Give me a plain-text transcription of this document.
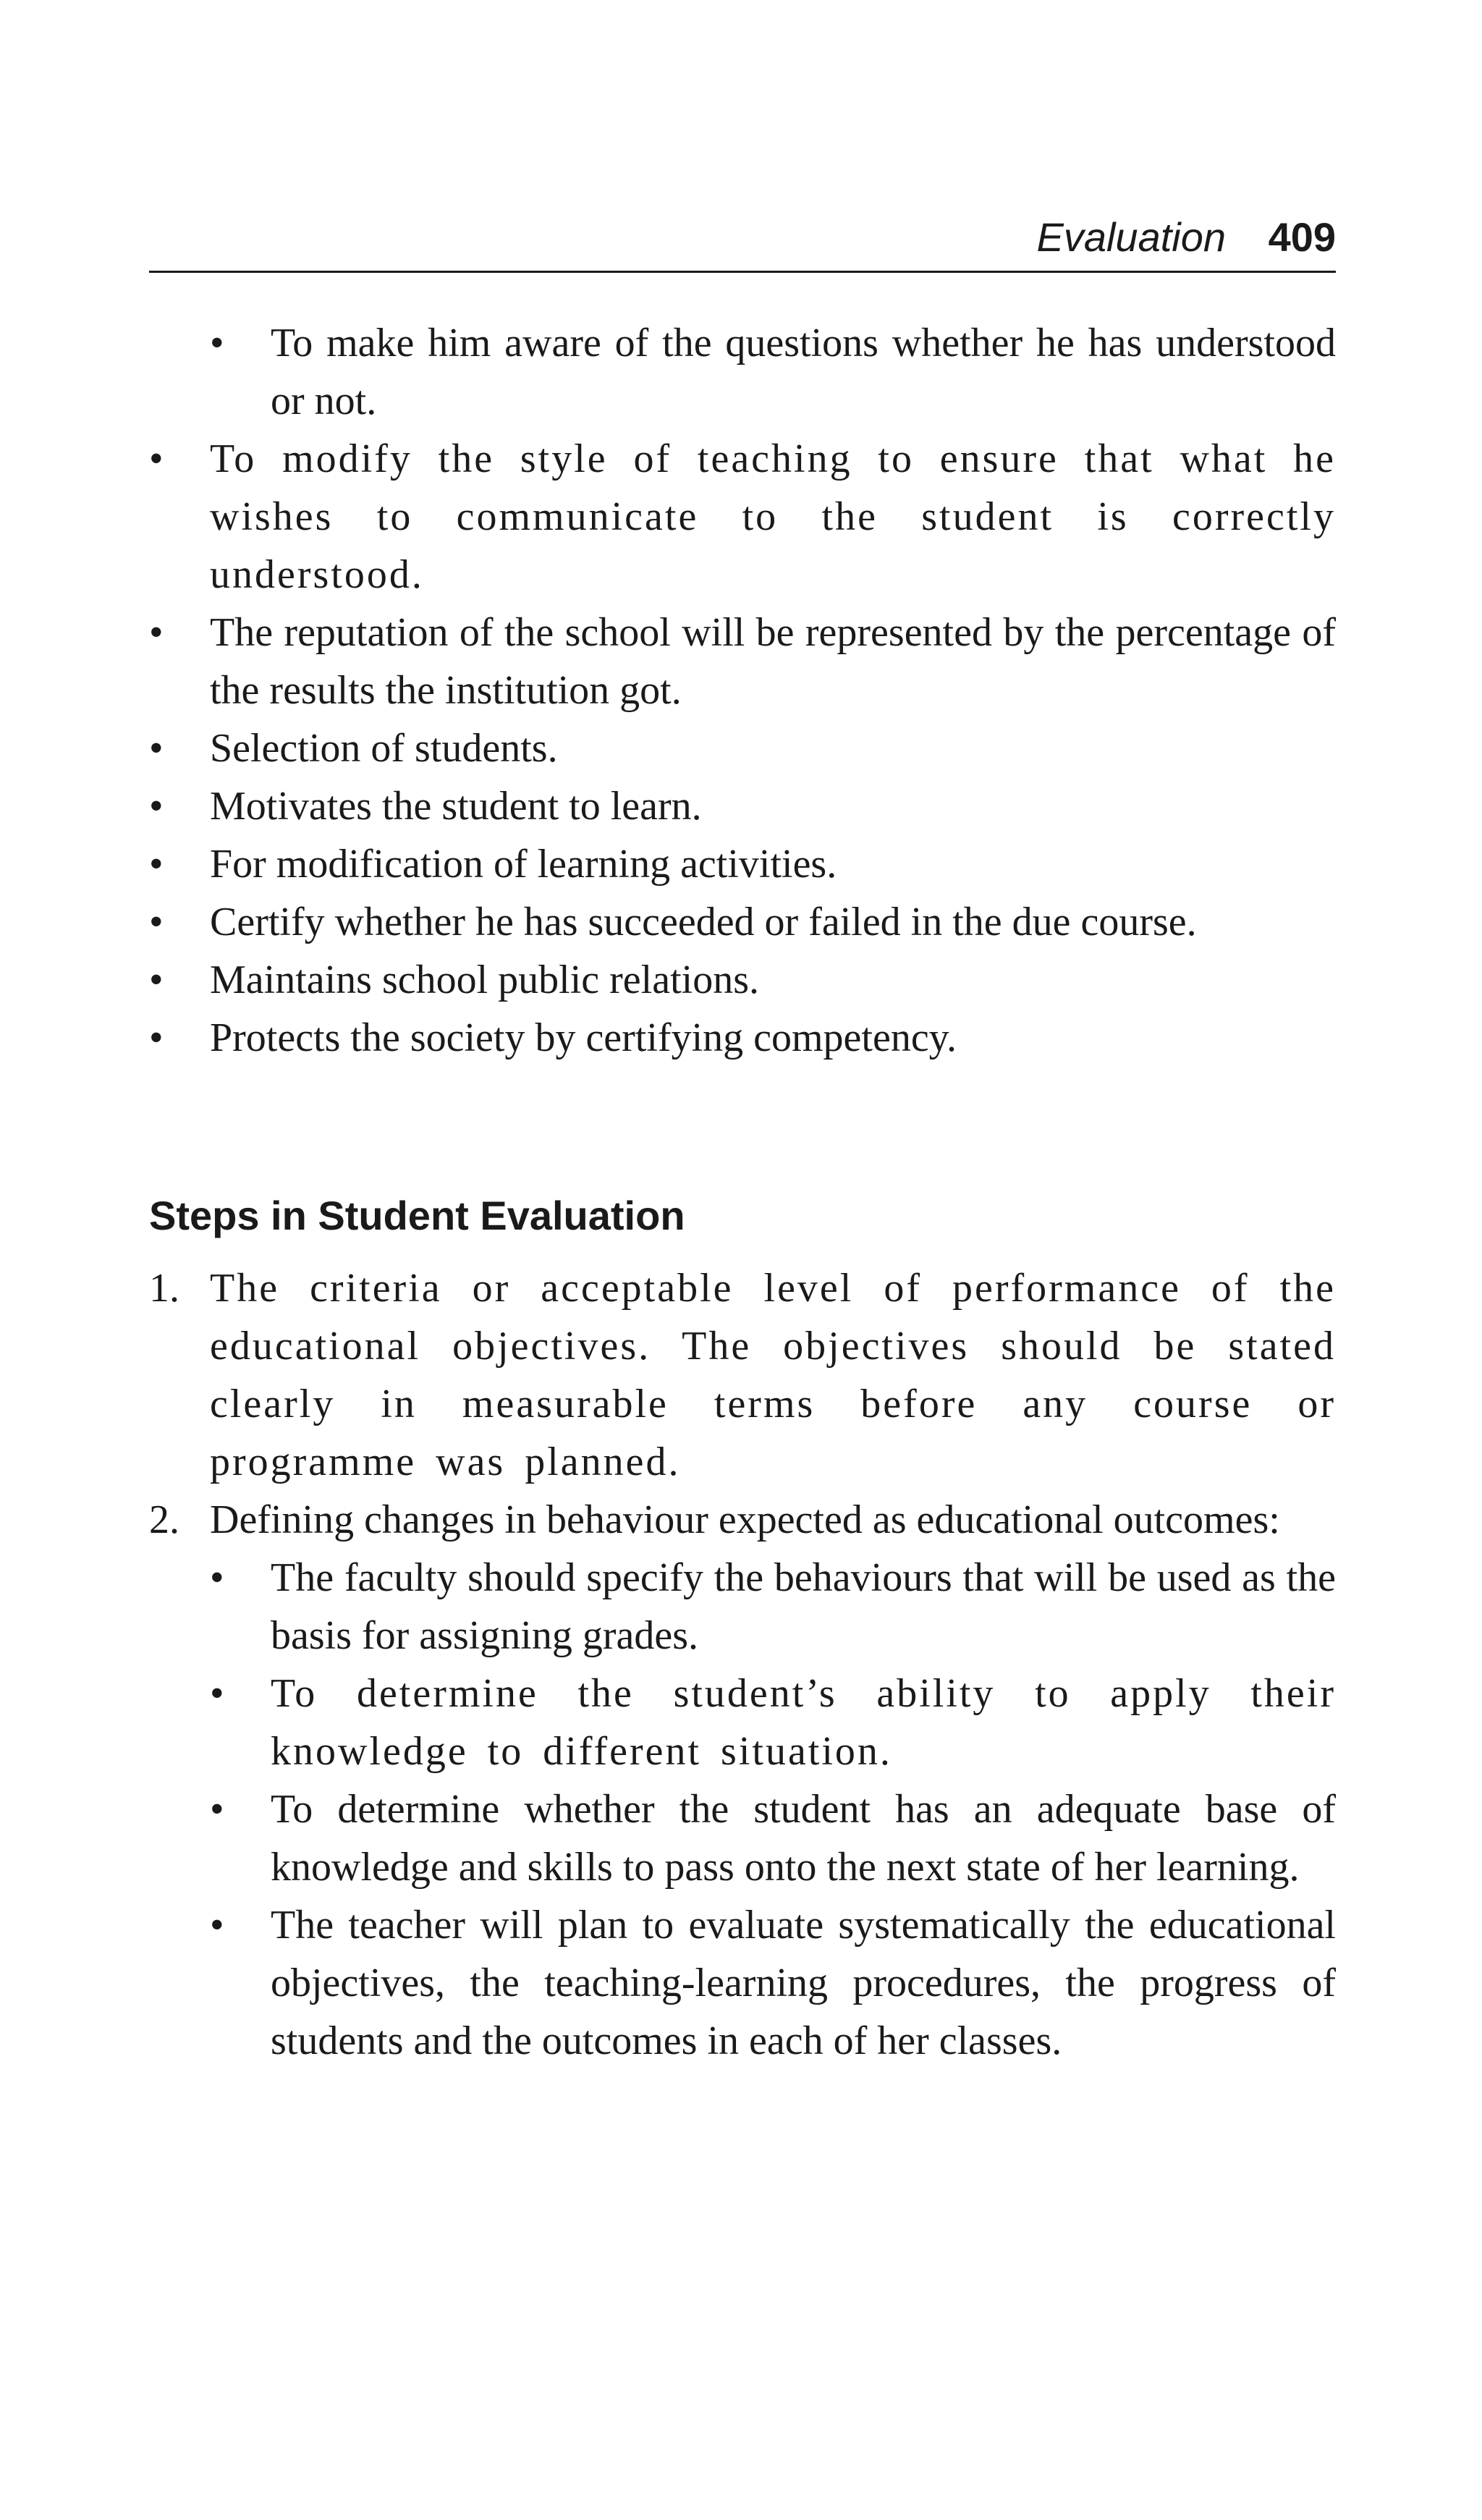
Evaluation 409
• To make him aware of the questions whether he has understood or not.
• To modify the style of teaching to ensure that what he wishes to communicate to the student is correctly understood.
• The reputation of the school will be represented by the percentage of the results the institution got.
• Selection of students.
• Motivates the student to learn.
• For modification of learning activities.
• Certify whether he has succeeded or failed in the due course.
• Maintains school public relations.
• Protects the society by certifying competency.
Steps in Student Evaluation
1. The criteria or acceptable level of performance of the educational objectives. The objectives should be stated clearly in measurable terms before any course or programme was planned.
2. Defining changes in behaviour expected as educational outcomes:
• The faculty should specify the behaviours that will be used as the basis for assigning grades.
• To determine the student’s ability to apply their knowledge to different situation.
• To determine whether the student has an adequate base of knowledge and skills to pass onto the next state of her learning.
• The teacher will plan to evaluate systematically the educational objectives, the teaching-learning procedures, the progress of students and the outcomes in each of her classes.
